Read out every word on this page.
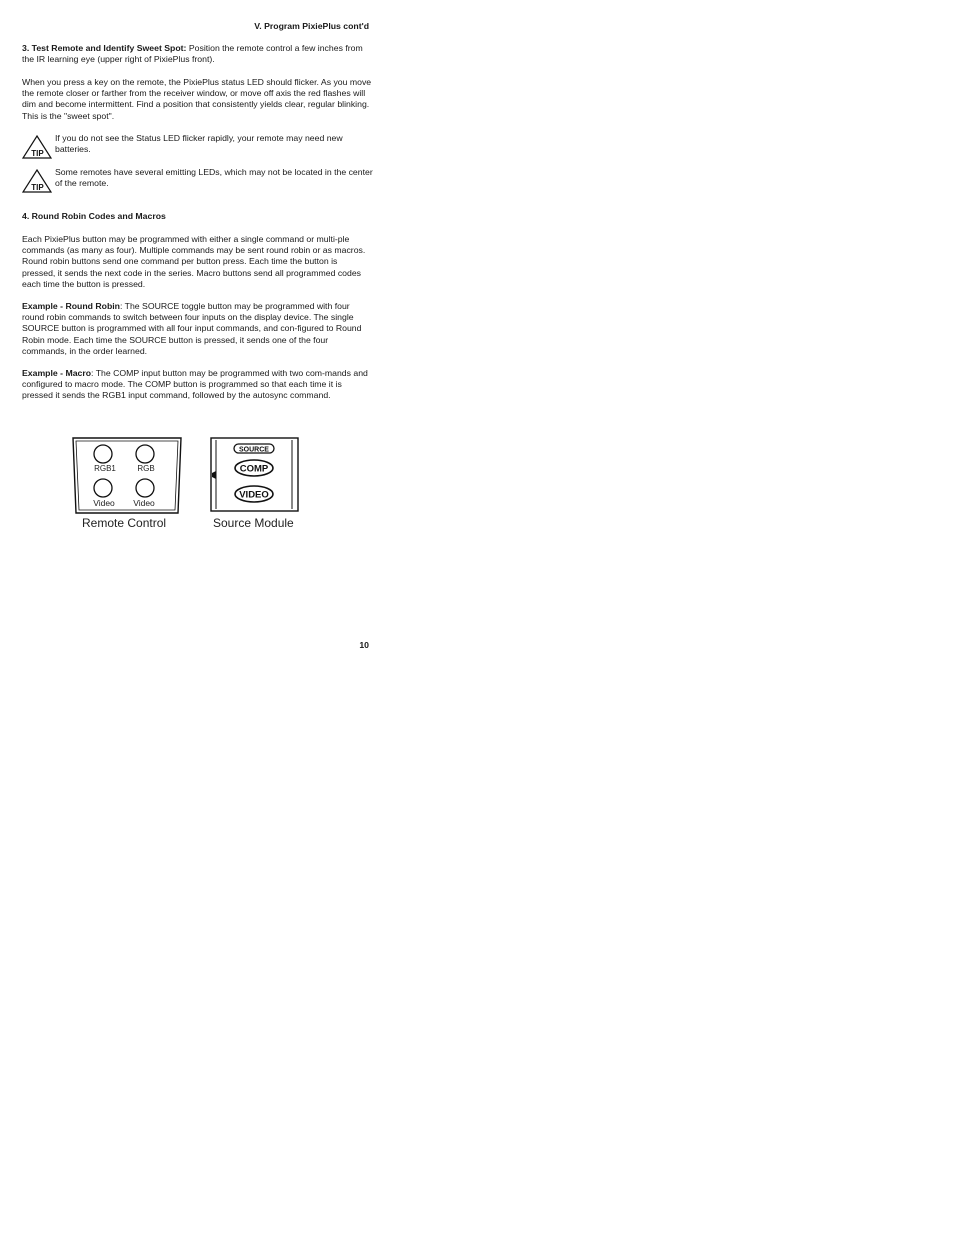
V. Program PixiePlus cont'd
3. Test Remote and Identify Sweet Spot: Position the remote control a few inches from the IR learning eye (upper right of PixiePlus front).
When you press a key on the remote, the PixiePlus status LED should flicker. As you move the remote closer or farther from the receiver window, or move off axis the red flashes will dim and become intermittent. Find a position that consistently yields clear, regular blinking. This is the "sweet spot".
TIP
If you do not see the Status LED flicker rapidly, your remote may need new batteries.
TIP
Some remotes have several emitting LEDs, which may not be located in the center of the remote.
4. Round Robin Codes and Macros
Each PixiePlus button may be programmed with either a single command or multi-ple commands (as many as four). Multiple commands may be sent round robin or as macros. Round robin buttons send one command per button press. Each time the button is pressed, it sends the next code in the series. Macro buttons send all programmed codes each time the button is pressed.
Example - Round Robin: The SOURCE toggle button may be programmed with four round robin commands to switch between four inputs on the display device. The single SOURCE button is programmed with all four input commands, and con-figured to Round Robin mode. Each time the SOURCE button is pressed, it sends one of the four commands, in the order learned.
Example - Macro: The COMP input button may be programmed with two com-mands and configured to macro mode. The COMP button is programmed so that each time it is pressed it sends the RGB1 input command, followed by the autosync command.
RGB1	RGB
Video Video
Remote Control
SOURCE
COMP
VIDEO
Source Module
10
